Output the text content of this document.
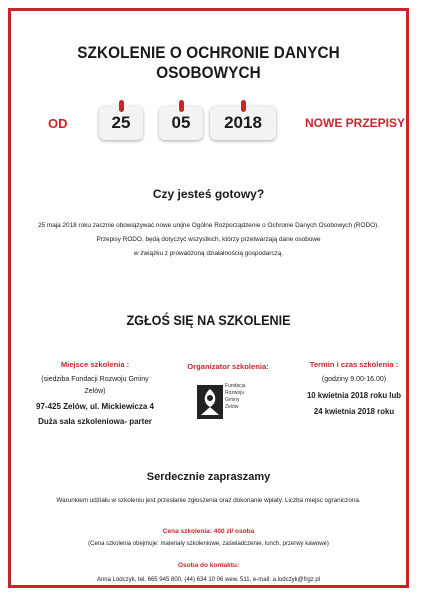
SZKOLENIE O OCHRONIE DANYCH OSOBOWYCH
OD	25	05	2018	NOWE PRZEPISY
Czy jesteś gotowy?
25 maja 2018 roku zacznie obowiązywać nowe unijne Ogólne Rozporządzenie o Ochronie Danych Osobowych (RODO).
Przepisy RODO, będą dotyczyć wszystkich, którzy przetwarzają dane osobowe
w związku z prowadzoną działalnością gospodarczą.
ZGŁOŚ SIĘ NA SZKOLENIE
Miejsce szkolenia :
(siedziba Fundacji Rozwoju Gminy Zelów)
97-425 Zelów, ul. Mickiewicza 4
Duża sala szkoleniowa- parter
Organizator szkolenia:
Fundacja
Rozwoju
Gminy
Zelów
Termin i czas szkolenia :
(godziny 9.00-16.00)
10 kwietnia 2018 roku lub
24 kwietnia 2018 roku
Serdecznie zapraszamy
Warunkiem udziału w szkoleniu jest przesłanie zgłoszenia oraz dokonanie wpłaty. Liczba miejsc ograniczona.
Cena szkolenia: 400 zł/ osoba
(Cena szkolenia obejmuje: materiały szkoleniowe, zaświadczenie, lunch, przerwy kawowe)
Osoba do kontaktu:
Anna Lodczyk, tel. 665 945 800, (44) 634 10 06 wew. 511, e-mail: a.lodczyk@frgz.pl
